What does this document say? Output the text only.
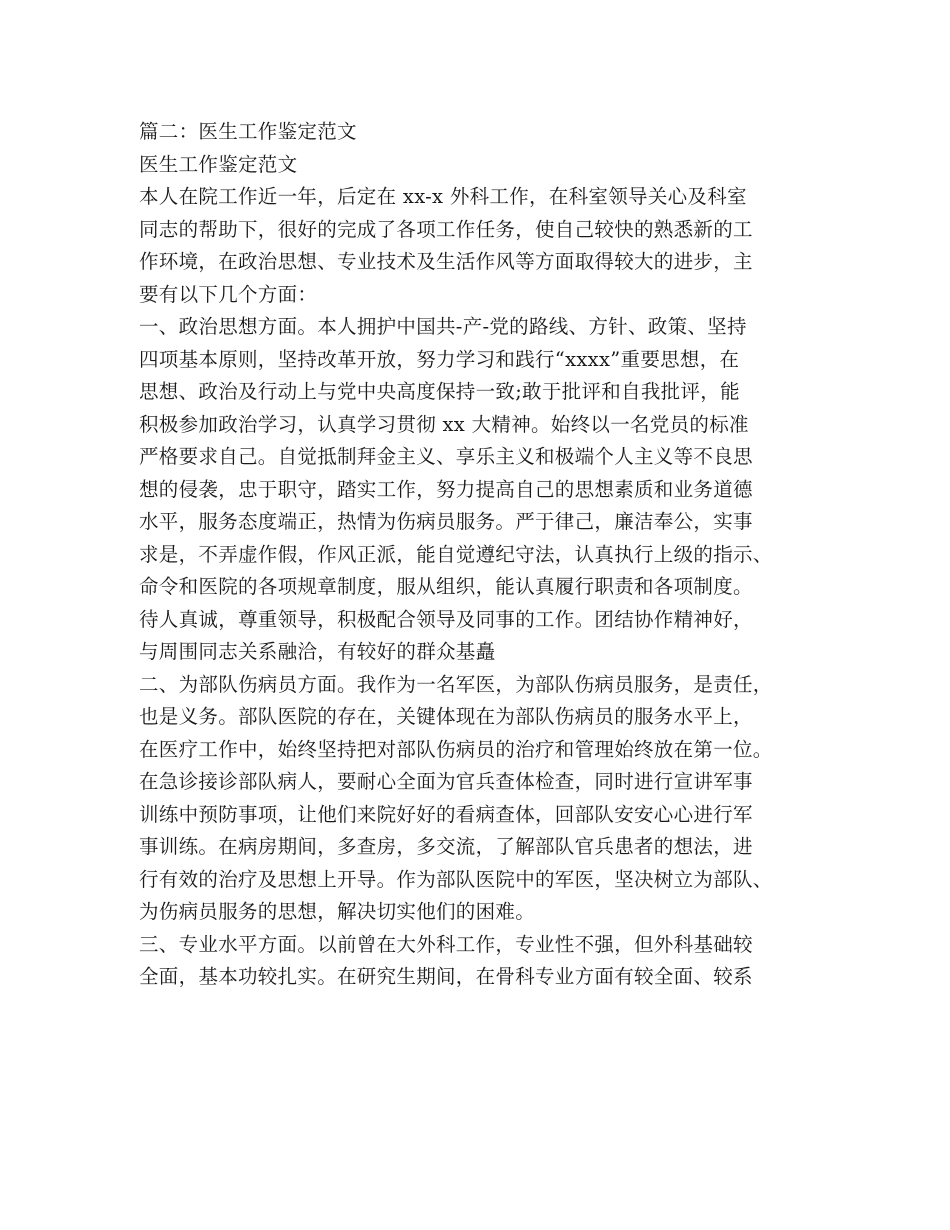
篇二：医生工作鉴定范文
医生工作鉴定范文
本人在院工作近一年，后定在 xx-x 外科工作，在科室领导关心及科室
同志的帮助下，很好的完成了各项工作任务，使自己较快的熟悉新的工
作环境，在政治思想、专业技术及生活作风等方面取得较大的进步，主
要有以下几个方面：
一、政治思想方面。本人拥护中国共-产-党的路线、方针、政策、坚持
四项基本原则，坚持改革开放，努力学习和践行“xxxx”重要思想，在
思想、政治及行动上与党中央高度保持一致;敢于批评和自我批评，能
积极参加政治学习，认真学习贯彻 xx 大精神。始终以一名党员的标准
严格要求自己。自觉抵制拜金主义、享乐主义和极端个人主义等不良思
想的侵袭，忠于职守，踏实工作，努力提高自己的思想素质和业务道德
水平，服务态度端正，热情为伤病员服务。严于律己，廉洁奉公，实事
求是，不弄虚作假，作风正派，能自觉遵纪守法，认真执行上级的指示、
命令和医院的各项规章制度，服从组织，能认真履行职责和各项制度。
待人真诚，尊重领导，积极配合领导及同事的工作。团结协作精神好，
与周围同志关系融洽，有较好的群众基矗
二、为部队伤病员方面。我作为一名军医，为部队伤病员服务，是责任，
也是义务。部队医院的存在，关键体现在为部队伤病员的服务水平上，
在医疗工作中，始终坚持把对部队伤病员的治疗和管理始终放在第一位。
在急诊接诊部队病人，要耐心全面为官兵查体检查，同时进行宣讲军事
训练中预防事项，让他们来院好好的看病查体，回部队安安心心进行军
事训练。在病房期间，多查房，多交流，了解部队官兵患者的想法，进
行有效的治疗及思想上开导。作为部队医院中的军医，坚决树立为部队、
为伤病员服务的思想，解决切实他们的困难。
三、专业水平方面。以前曾在大外科工作，专业性不强，但外科基础较
全面，基本功较扎实。在研究生期间，在骨科专业方面有较全面、较系
